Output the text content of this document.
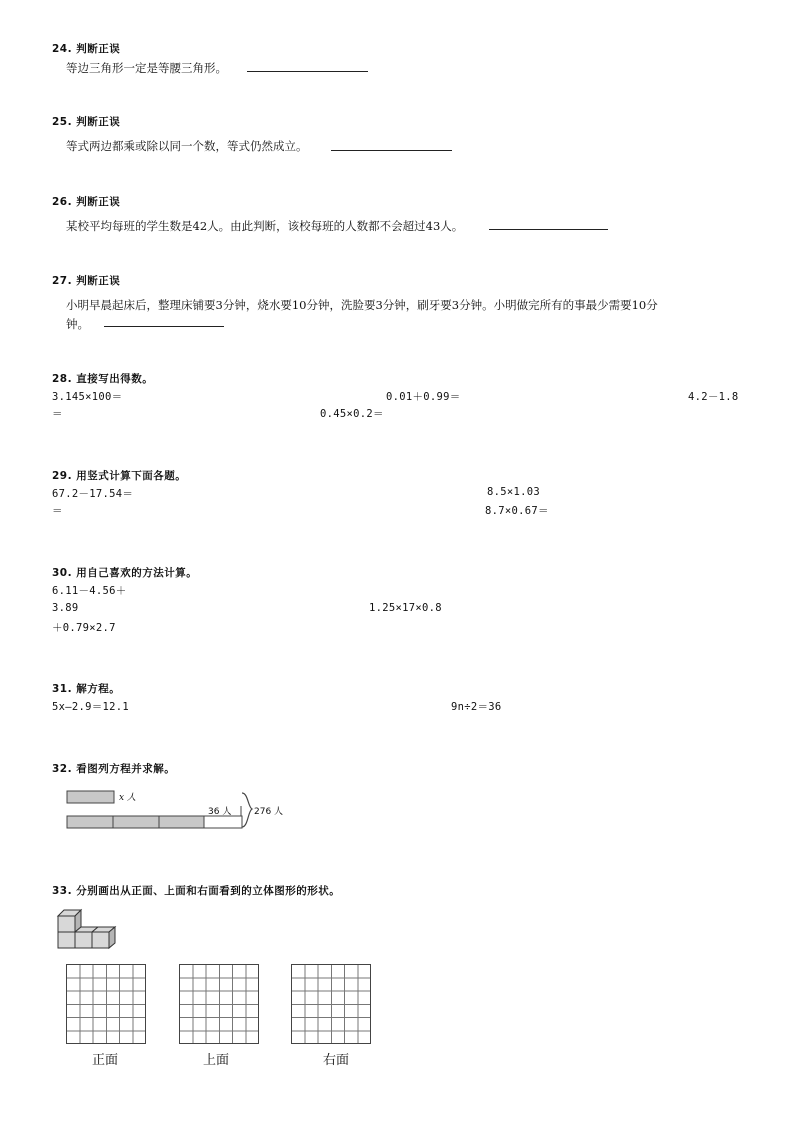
24. 判断正误
等边三角形一定是等腰三角形。
25. 判断正误
等式两边都乘或除以同一个数，等式仍然成立。
26. 判断正误
某校平均每班的学生数是42人。由此判断，该校每班的人数都不会超过43人。
27. 判断正误
小明早晨起床后，整理床铺要3分钟，烧水要10分钟，洗脸要3分钟，刷牙要3分钟。小明做完所有的事最少需要10分
钟。
28. 直接写出得数。
3.145×100＝	0.01＋0.99＝	4.2－1.8
＝	0.45×0.2＝
29. 用竖式计算下面各题。
67.2－17.54＝	8.5×1.03
＝	8.7×0.67＝
30. 用自己喜欢的方法计算。
6.11－4.56＋
3.89	1.25×17×0.8
＋0.79×2.7
31. 解方程。
5x—2.9＝12.1	9n÷2＝36
32. 看图列方程并求解。
x 人
36 人	276 人
33. 分别画出从正面、上面和右面看到的立体图形的形状。
正面	上面	右面
